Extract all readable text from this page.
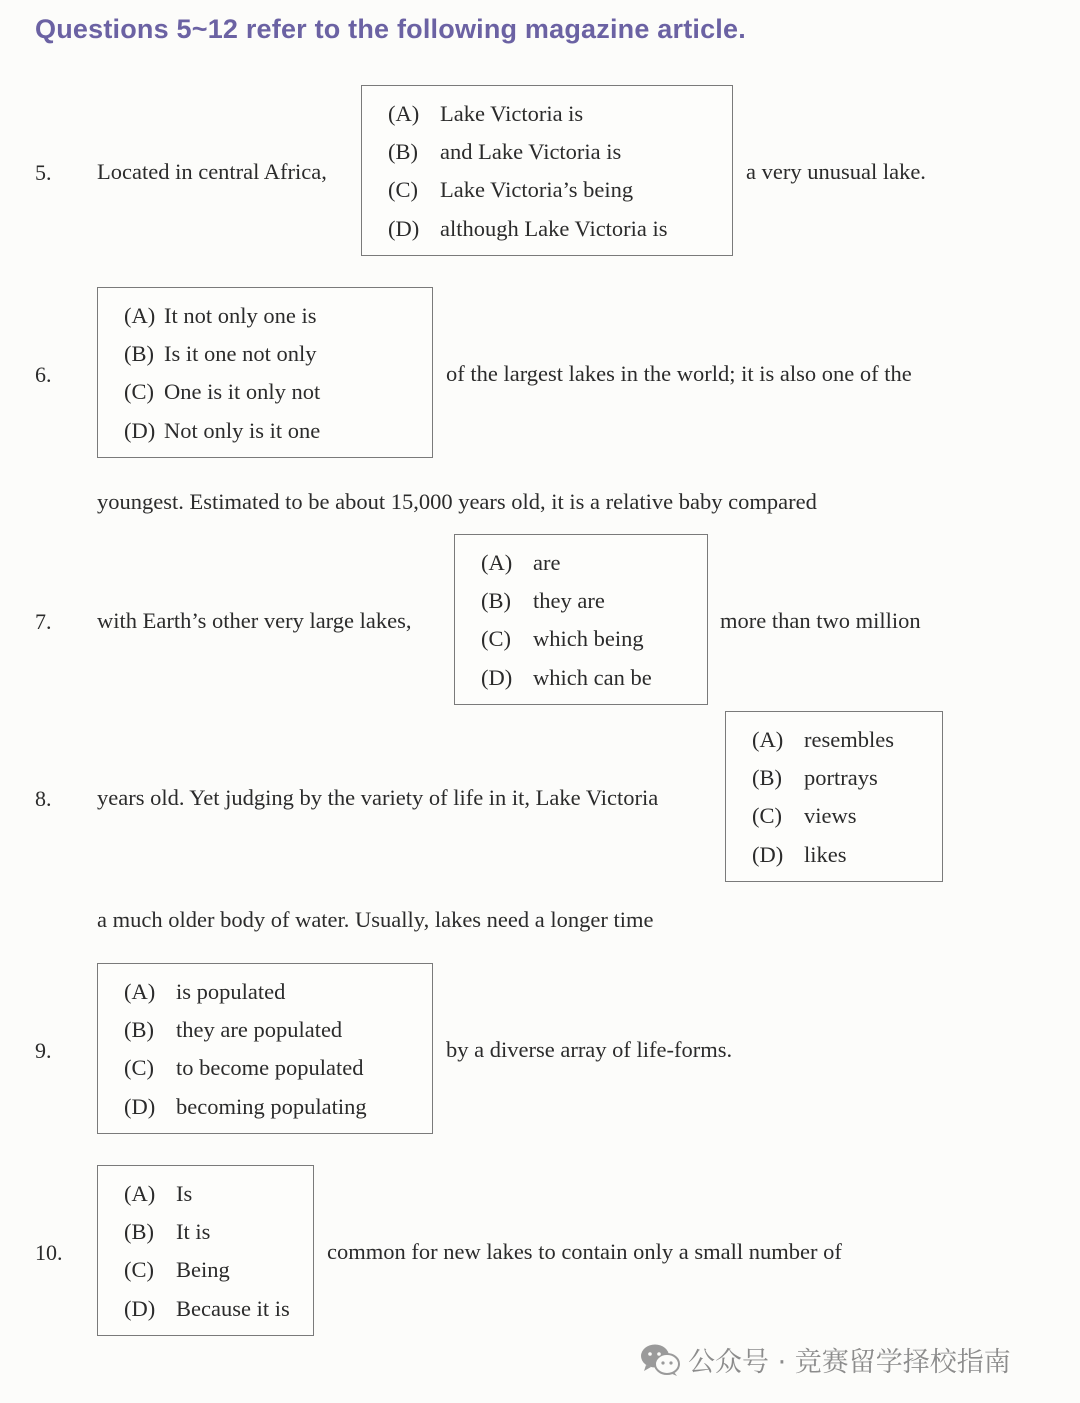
Questions 5~12 refer to the following magazine article.
5. Located in central Africa,
(A) Lake Victoria is
(B) and Lake Victoria is
(C) Lake Victoria’s being
(D) although Lake Victoria is
a very unusual lake.
6.
(A) It not only one is
(B) Is it one not only
(C) One is it only not
(D) Not only is it one
of the largest lakes in the world; it is also one of the
youngest. Estimated to be about 15,000 years old, it is a relative baby compared
7. with Earth’s other very large lakes,
(A) are
(B) they are
(C) which being
(D) which can be
more than two million
8. years old. Yet judging by the variety of life in it, Lake Victoria
(A) resembles
(B) portrays
(C) views
(D) likes
a much older body of water. Usually, lakes need a longer time
9.
(A) is populated
(B) they are populated
(C) to become populated
(D) becoming populating
by a diverse array of life-forms.
10.
(A) Is
(B) It is
(C) Being
(D) Because it is
common for new lakes to contain only a small number of
公众号 · 竞赛留学择校指南
